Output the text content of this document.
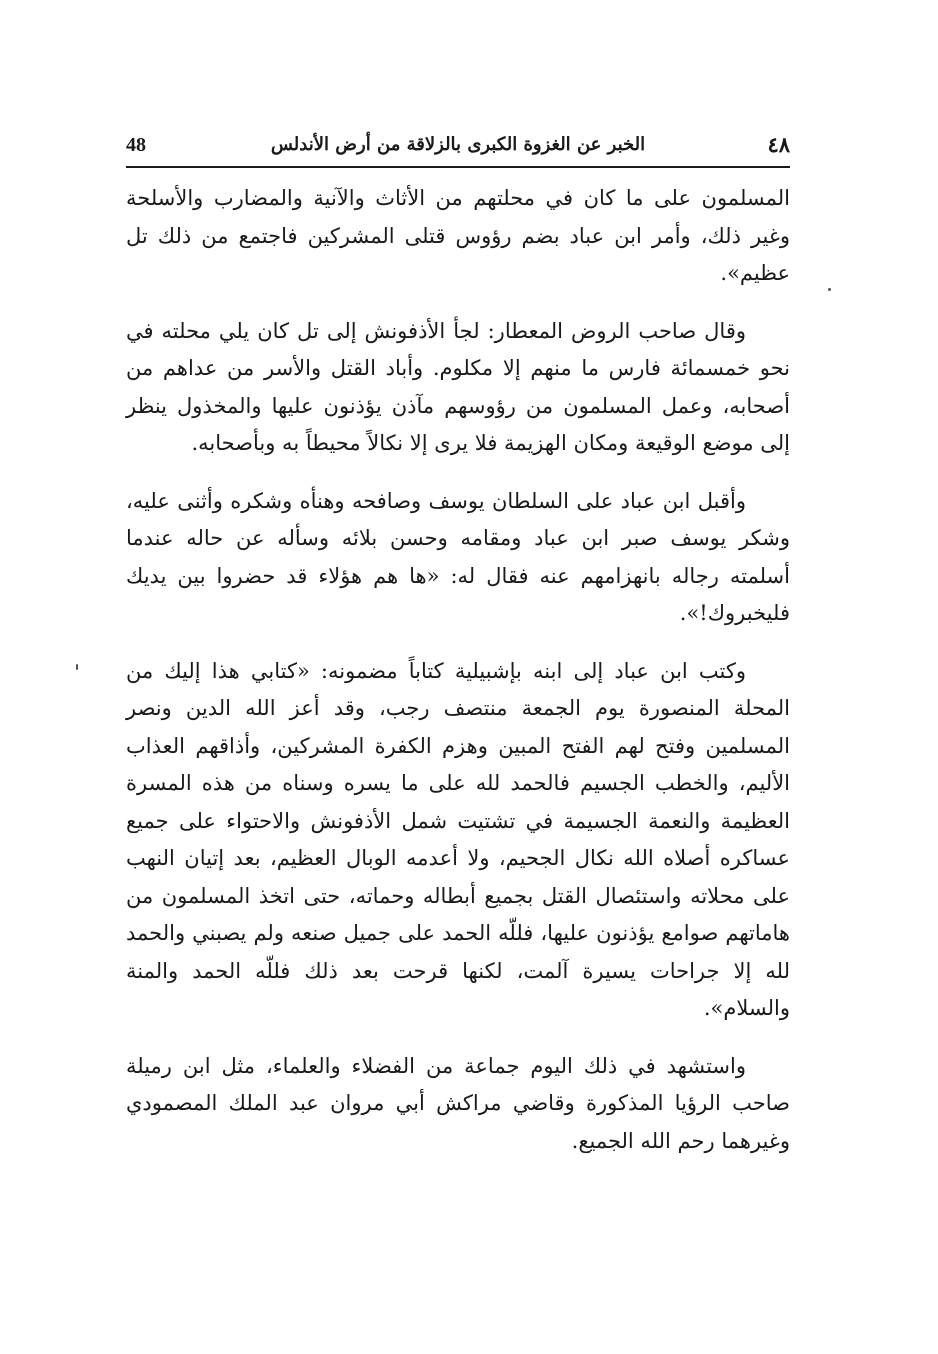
48	الخبر عن الغزوة الكبرى بالزلاقة من أرض الأندلس	٤٨

المسلمون على ما كان في محلتهم من الأثاث والآنية والمضارب والأسلحة وغير ذلك، وأمر ابن عباد بضم رؤوس قتلى المشركين فاجتمع من ذلك تل عظيم».

وقال صاحب الروض المعطار: لجأ الأذفونش إلى تل كان يلي محلته في نحو خمسمائة فارس ما منهم إلا مكلوم. وأباد القتل والأسر من عداهم من أصحابه، وعمل المسلمون من رؤوسهم مآذن يؤذنون عليها والمخذول ينظر إلى موضع الوقيعة ومكان الهزيمة فلا يرى إلا نكالاً محيطاً به وبأصحابه.

وأقبل ابن عباد على السلطان يوسف وصافحه وهنأه وشكره وأثنى عليه، وشكر يوسف صبر ابن عباد ومقامه وحسن بلائه وسأله عن حاله عندما أسلمته رجاله بانهزامهم عنه فقال له: «ها هم هؤلاء قد حضروا بين يديك فليخبروك!».

وكتب ابن عباد إلى ابنه بإشبيلية كتاباً مضمونه: «كتابي هذا إليك من المحلة المنصورة يوم الجمعة منتصف رجب، وقد أعز الله الدين ونصر المسلمين وفتح لهم الفتح المبين وهزم الكفرة المشركين، وأذاقهم العذاب الأليم، والخطب الجسيم فالحمد لله على ما يسره وسناه من هذه المسرة العظيمة والنعمة الجسيمة في تشتيت شمل الأذفونش والاحتواء على جميع عساكره أصلاه الله نكال الجحيم، ولا أعدمه الوبال العظيم، بعد إتيان النهب على محلاته واستئصال القتل بجميع أبطاله وحماته، حتى اتخذ المسلمون من هاماتهم صوامع يؤذنون عليها، فللّه الحمد على جميل صنعه ولم يصبني والحمد لله إلا جراحات يسيرة آلمت، لكنها قرحت بعد ذلك فللّه الحمد والمنة والسلام».

واستشهد في ذلك اليوم جماعة من الفضلاء والعلماء، مثل ابن رميلة صاحب الرؤيا المذكورة وقاضي مراكش أبي مروان عبد الملك المصمودي وغيرهما رحم الله الجميع.
